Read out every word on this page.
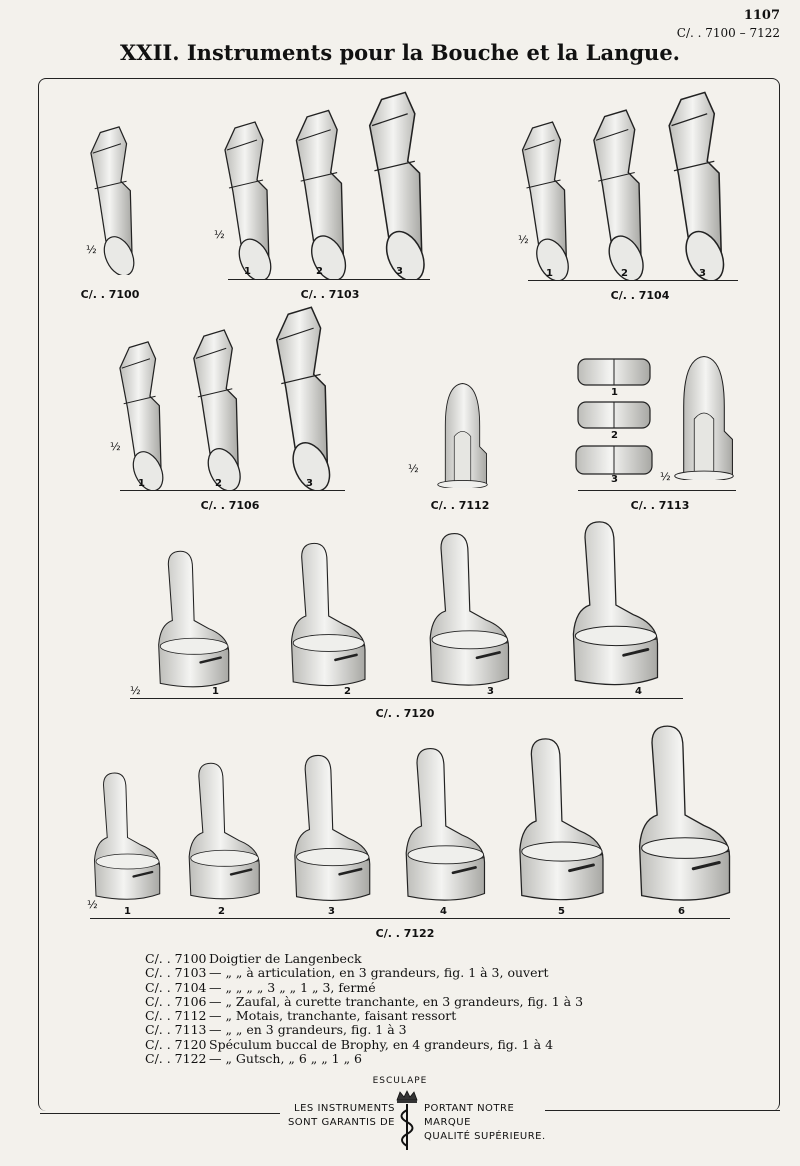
1107
C/. . 7100 – 7122
XXII. Instruments pour la Bouche et la Langue.
½
C/. . 7100
½
1	2	3
C/. . 7103
½
1	2	3
C/. . 7104
½
1	2	3
C/. . 7106
½
C/. . 7112
1
2
3	½
C/. . 7113
½	1	2	3	4
C/. . 7120
½
1	2	3	4	5	6
C/. . 7122
C/. . 7100 Doigtier de Langenbeck
C/. . 7103 — „ „ à articulation, en 3 grandeurs, fig. 1 à 3, ouvert
C/. . 7104 — „ „ „ „ 3 „ „ 1 „ 3, fermé
C/. . 7106 — „ Zaufal, à curette tranchante, en 3 grandeurs, fig. 1 à 3
C/. . 7112 — „ Motais, tranchante, faisant ressort
C/. . 7113 — „ „ en 3 grandeurs, fig. 1 à 3
C/. . 7120 Spéculum buccal de Brophy, en 4 grandeurs, fig. 1 à 4
C/. . 7122 — „ Gutsch, „ 6 „ „ 1 „ 6
ESCULAPE
LES INSTRUMENTS
SONT GARANTIS DE
PORTANT NOTRE MARQUE
QUALITÉ SUPÉRIEURE.
